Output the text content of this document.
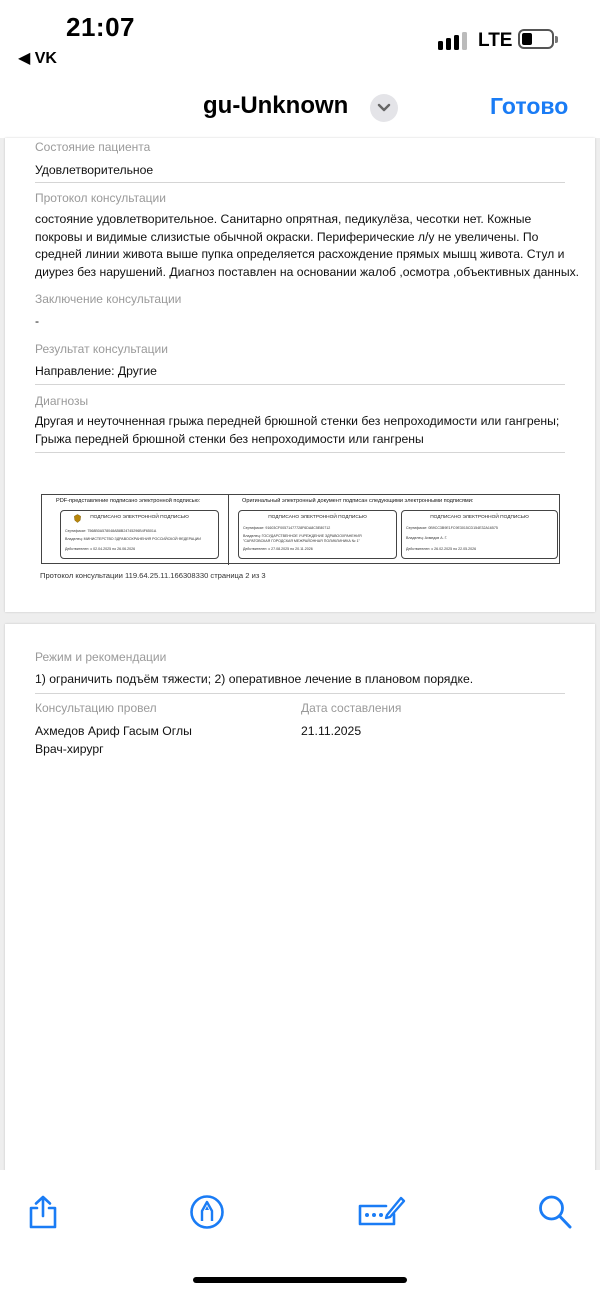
21:07
◀ VK
LTE
gu-Unknown	Готово
Состояние пациента
Удовлетворительное
Протокол консультации
состояние удовлетворительное. Санитарно опрятная, педикулёза, чесотки нет. Кожные
покровы и видимые слизистые обычной окраски. Периферические л/у не увеличены. По
средней линии живота выше пупка определяется расхождение прямых мышц живота. Стул и
диурез без нарушений. Диагноз поставлен на основании жалоб ,осмотра ,объективных данных.
Заключение консультации
-
Результат консультации
Направление: Другие
Диагнозы
Другая и неуточненная грыжа передней брюшной стенки без непроходимости или гангрены;
Грыжа передней брюшной стенки без непроходимости или гангрены
PDF-представление подписано электронной подписью:	Оригинальный электронный документ подписан следующими электронными подписями:
ПОДПИСАНО ЭЛЕКТРОННОЙ ПОДПИСЬЮ
Сертификат: 7568B0A578048AB8B24745296B4F6501A
Владелец: МИНИСТЕРСТВО ЗДРАВООХРАНЕНИЯ РОССИЙСКОЙ ФЕДЕРАЦИИ
Действителен: с 02.04.2025 по 26.06.2026
ПОДПИСАНО ЭЛЕКТРОННОЙ ПОДПИСЬЮ
Сертификат: 91603CF00571477728F6DA8C5E80712
Владелец: ГОСУДАРСТВЕННОЕ УЧРЕЖДЕНИЕ ЗДРАВООХРАНЕНИЯ
"САРАТОВСКАЯ ГОРОДСКАЯ МЕЖРАЙОННАЯ ПОЛИКЛИНИКА № 1"
Действителен: с 27.08.2025 по 20.11.2026
ПОДПИСАНО ЭЛЕКТРОННОЙ ПОДПИСЬЮ
Сертификат: 0B9CC3B9E1FC9E3015CD154E32A16575
Владелец: Ахмедов А. Г.
Действителен: с 26.02.2025 по 22.05.2026
Протокол консультации 119.64.25.11.166308330 страница 2 из 3
Режим и рекомендации
1) ограничить подъём тяжести; 2) оперативное лечение в плановом порядке.
Консультацию провел
Ахмедов Ариф Гасым Оглы
Врач-хирург
Дата составления
21.11.2025
